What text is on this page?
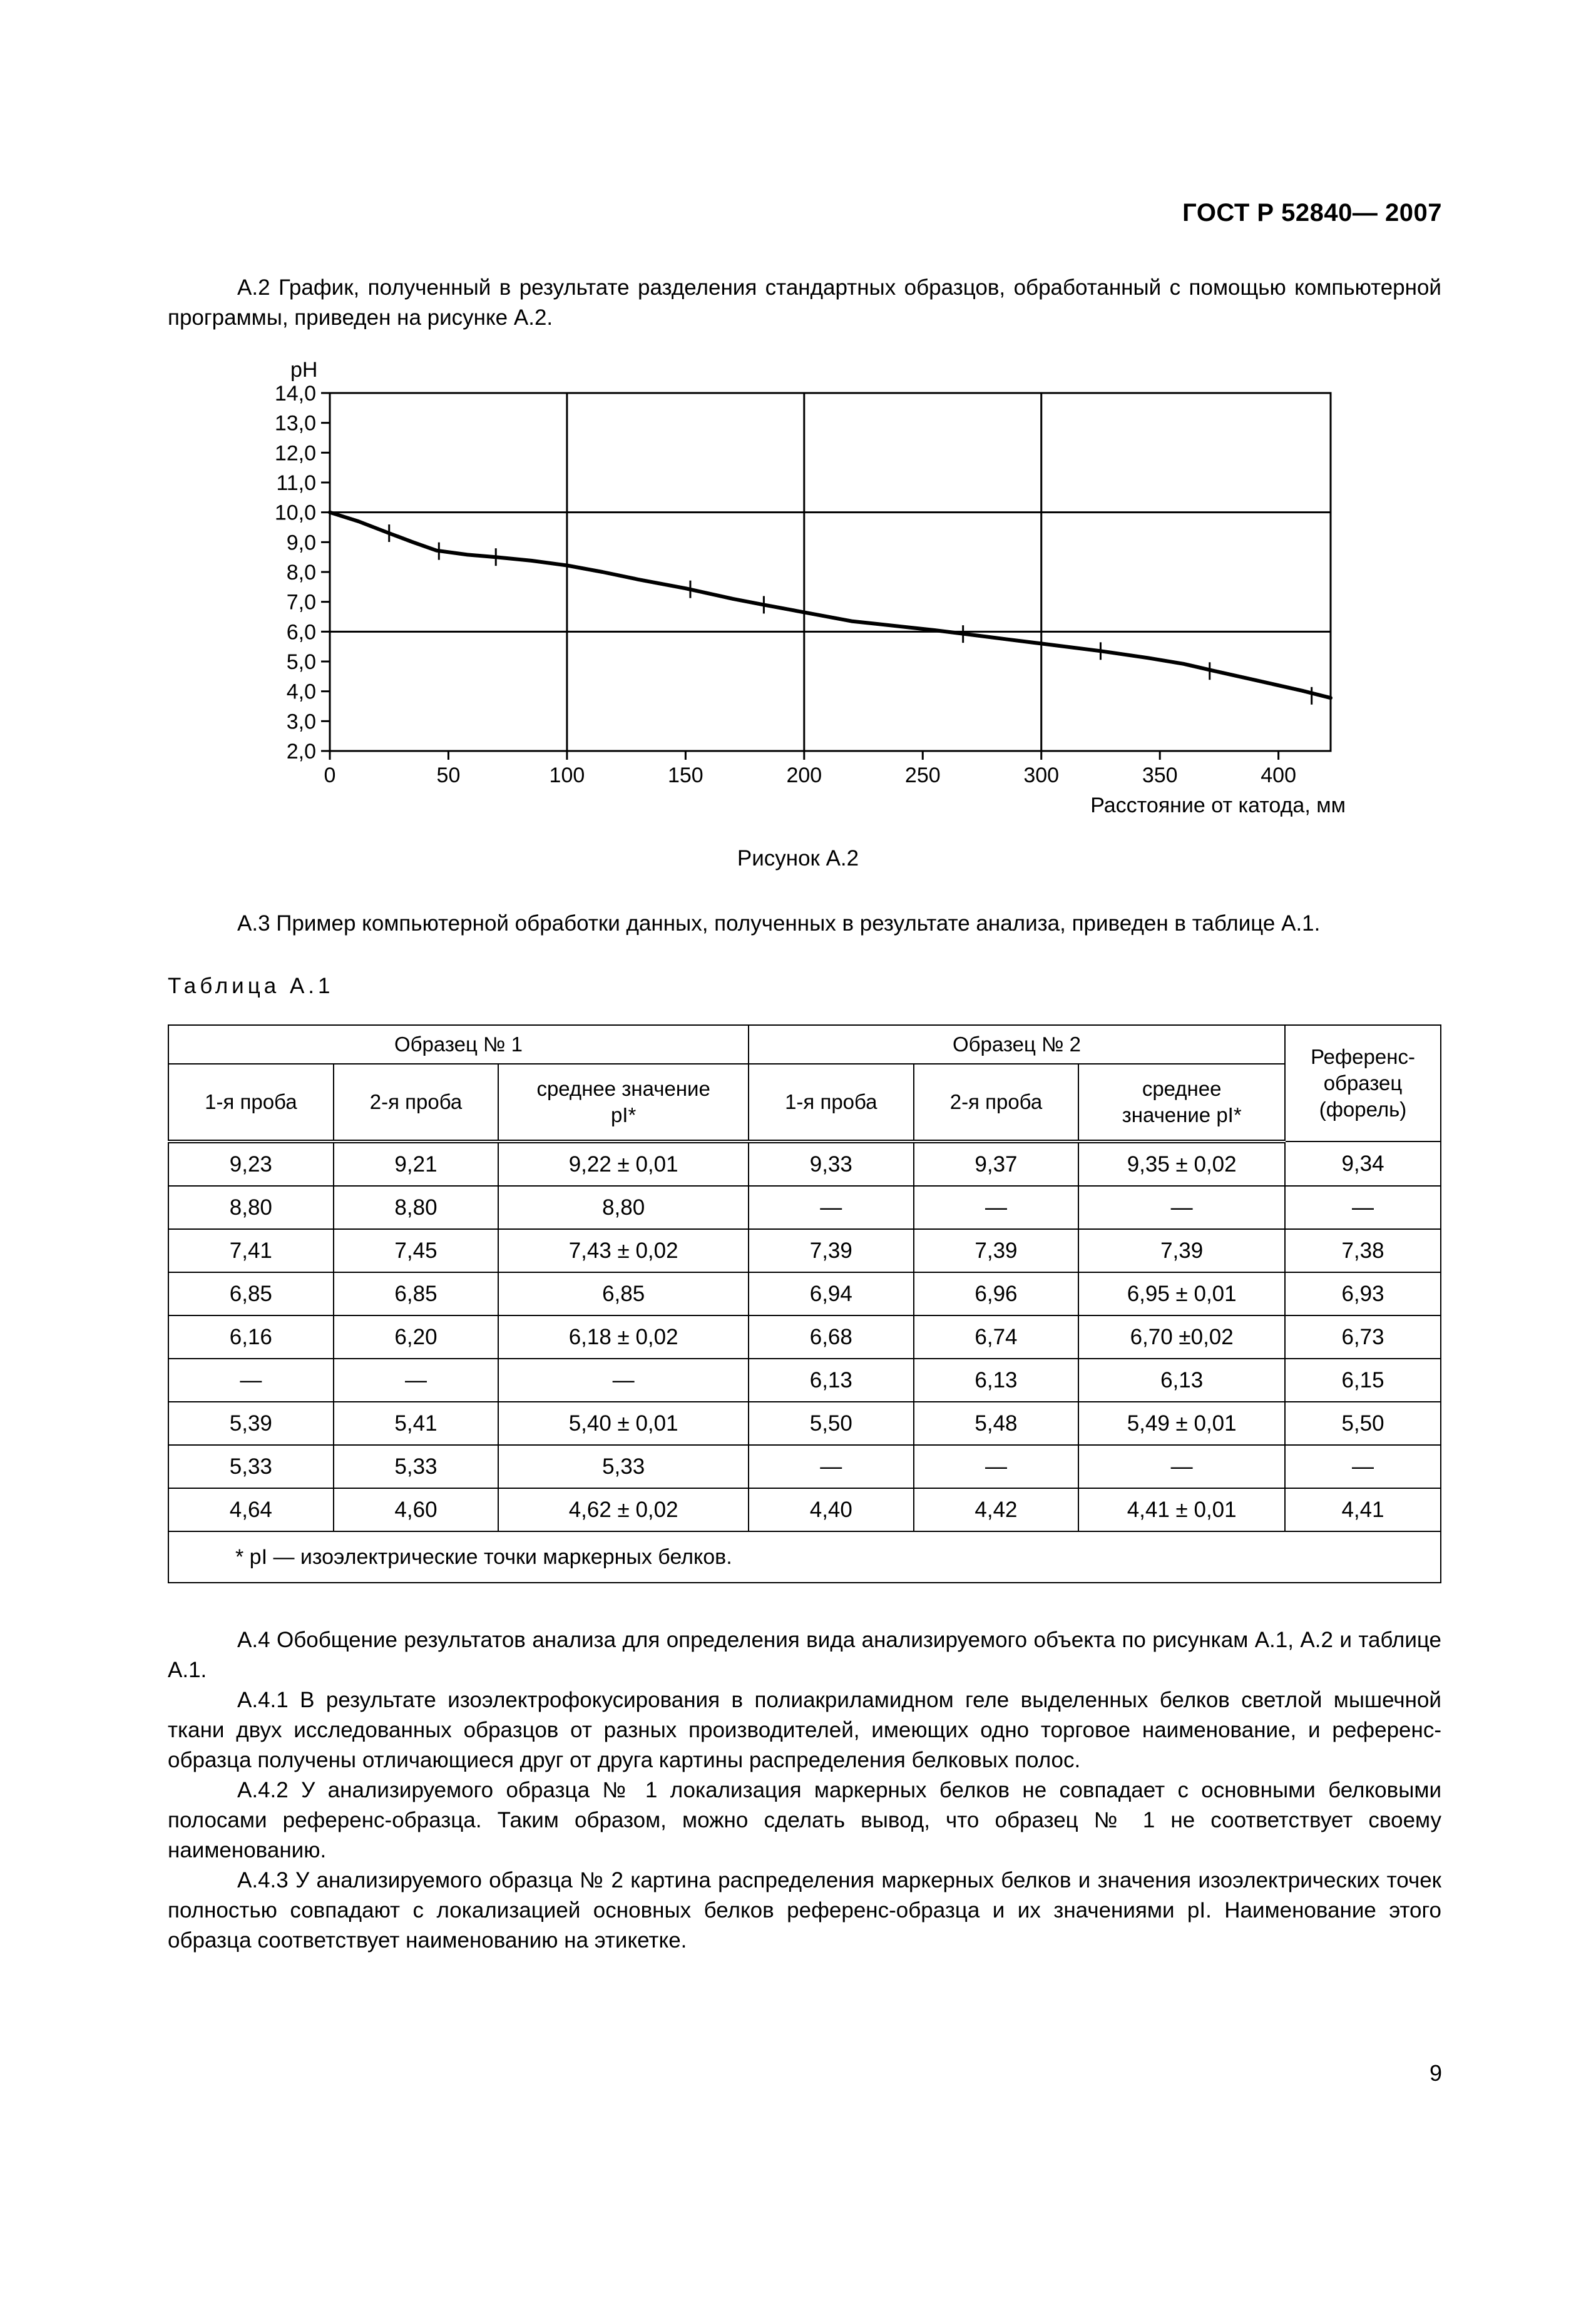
ГОСТ Р 52840— 2007

А.2 График, полученный в результате разделения стандартных образцов, обработанный с помощью компьютерной программы, приведен на рисунке А.2.

pH
Расстояние от катода, мм
2,0
3,0
4,0
5,0
6,0
7,0
8,0
9,0
10,0
11,0
12,0
13,0
14,0
0	50	100	150	200	250	300	350	400
Рисунок А.2

А.3 Пример компьютерной обработки данных, полученных в результате анализа, приведен в таблице А.1.

Таблица А.1
Образец № 1			Образец № 2			Референс-образец (форель)
1-я проба	2-я проба	среднее значение pI*	1-я проба	2-я проба	среднее значение pI*	
9,23	9,21	9,22 ± 0,01	9,33	9,37	9,35 ± 0,02	9,34
8,80	8,80	8,80	—	—	—	—
7,41	7,45	7,43 ± 0,02	7,39	7,39	7,39	7,38
6,85	6,85	6,85	6,94	6,96	6,95 ± 0,01	6,93
6,16	6,20	6,18 ± 0,02	6,68	6,74	6,70 ±0,02	6,73
—	—	—	6,13	6,13	6,13	6,15
5,39	5,41	5,40 ± 0,01	5,50	5,48	5,49 ± 0,01	5,50
5,33	5,33	5,33	—	—	—	—
4,64	4,60	4,62 ± 0,02	4,40	4,42	4,41 ± 0,01	4,41
* pI — изоэлектрические точки маркерных белков.						
А.4 Обобщение результатов анализа для определения вида анализируемого объекта по рисункам А.1, А.2 и таблице А.1.
А.4.1 В результате изоэлектрофокусирования в полиакриламидном геле выделенных белков светлой мышечной ткани двух исследованных образцов от разных производителей, имеющих одно торговое наименование, и референс-образца получены отличающиеся друг от друга картины распределения белковых полос.
А.4.2 У анализируемого образца № 1 локализация маркерных белков не совпадает с основными белковыми полосами референс-образца. Таким образом, можно сделать вывод, что образец № 1 не соответствует своему наименованию.
А.4.3 У анализируемого образца № 2 картина распределения маркерных белков и значения изоэлектрических точек полностью совпадают с локализацией основных белков референс-образца и их значениями pI. Наименование этого образца соответствует наименованию на этикетке.
9
